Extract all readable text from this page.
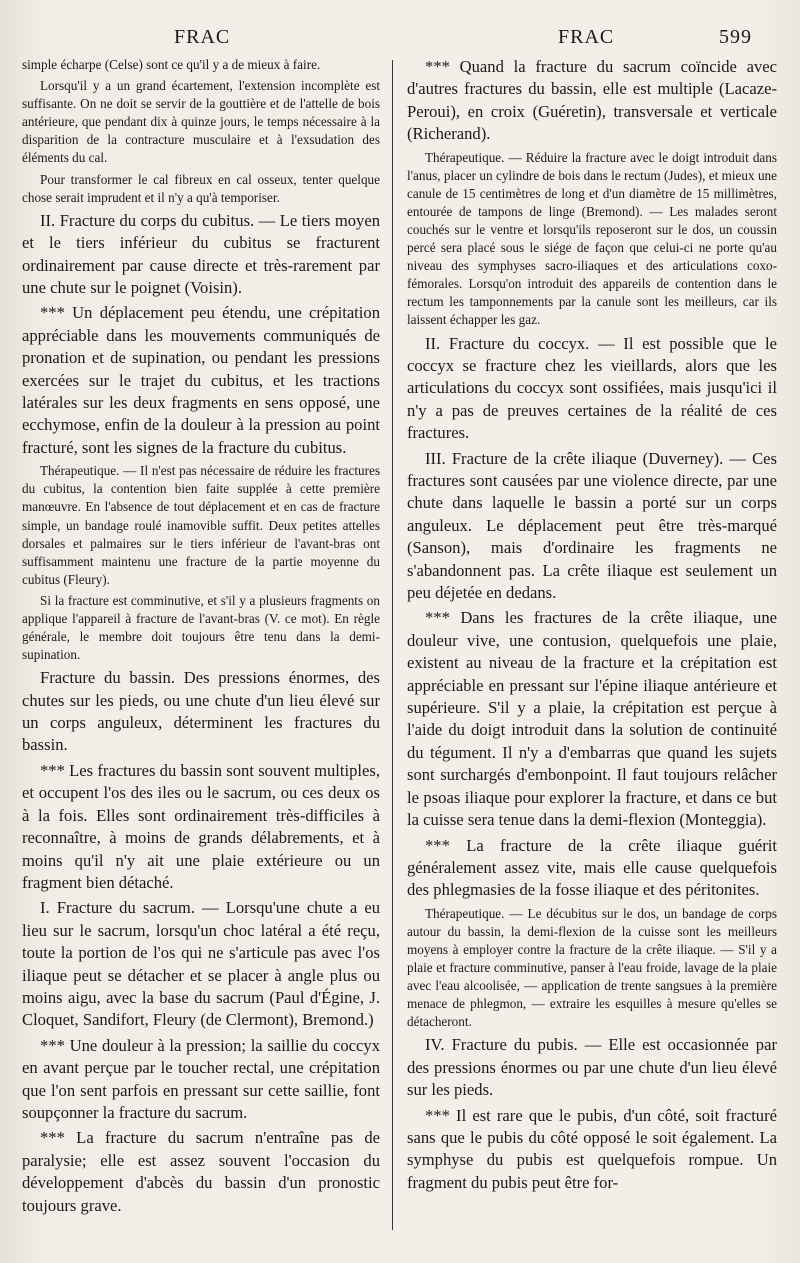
FRAC	FRAC	599

simple écharpe (Celse) sont ce qu'il y a de mieux à faire.

Lorsqu'il y a un grand écartement, l'extension incomplète est suffisante. On ne doit se servir de la gouttière et de l'attelle de bois antérieure, que pendant dix à quinze jours, le temps nécessaire à la disparition de la contracture musculaire et à l'exsudation des éléments du cal.

Pour transformer le cal fibreux en cal osseux, tenter quelque chose serait imprudent et il n'y a qu'à temporiser.

II. Fracture du corps du cubitus. — Le tiers moyen et le tiers inférieur du cubitus se fracturent ordinairement par cause directe et très-rarement par une chute sur le poignet (Voisin).

*** Un déplacement peu étendu, une crépitation appréciable dans les mouvements communiqués de pronation et de supination, ou pendant les pressions exercées sur le trajet du cubitus, et les tractions latérales sur les deux fragments en sens opposé, une ecchymose, enfin de la douleur à la pression au point fracturé, sont les signes de la fracture du cubitus.

Thérapeutique. — Il n'est pas nécessaire de réduire les fractures du cubitus, la contention bien faite supplée à cette première manœuvre. En l'absence de tout déplacement et en cas de fracture simple, un bandage roulé inamovible suffit. Deux petites attelles dorsales et palmaires sur le tiers inférieur de l'avant-bras ont suffisamment maintenu une fracture de la partie moyenne du cubitus (Fleury).

Si la fracture est comminutive, et s'il y a plusieurs fragments on applique l'appareil à fracture de l'avant-bras (V. ce mot). En règle générale, le membre doit toujours être tenu dans la demi-supination.

Fracture du bassin. Des pressions énormes, des chutes sur les pieds, ou une chute d'un lieu élevé sur un corps anguleux, déterminent les fractures du bassin.

*** Les fractures du bassin sont souvent multiples, et occupent l'os des iles ou le sacrum, ou ces deux os à la fois. Elles sont ordinairement très-difficiles à reconnaître, à moins de grands délabrements, et à moins qu'il n'y ait une plaie extérieure ou un fragment bien détaché.

I. Fracture du sacrum. — Lorsqu'une chute a eu lieu sur le sacrum, lorsqu'un choc latéral a été reçu, toute la portion de l'os qui ne s'articule pas avec l'os iliaque peut se détacher et se placer à angle plus ou moins aigu, avec la base du sacrum (Paul d'Égine, J. Cloquet, Sandifort, Fleury (de Clermont), Bremond.)

*** Une douleur à la pression; la saillie du coccyx en avant perçue par le toucher rectal, une crépitation que l'on sent parfois en pressant sur cette saillie, font soupçonner la fracture du sacrum.

*** La fracture du sacrum n'entraîne pas de paralysie; elle est assez souvent l'occasion du développement d'abcès du bassin d'un pronostic toujours grave.

*** Quand la fracture du sacrum coïncide avec d'autres fractures du bassin, elle est multiple (Lacaze-Peroui), en croix (Guéretin), transversale et verticale (Richerand).

Thérapeutique. — Réduire la fracture avec le doigt introduit dans l'anus, placer un cylindre de bois dans le rectum (Judes), et mieux une canule de 15 centimètres de long et d'un diamètre de 15 millimètres, entourée de tampons de linge (Bremond). — Les malades seront couchés sur le ventre et lorsqu'ils reposeront sur le dos, un coussin percé sera placé sous le siége de façon que celui-ci ne porte qu'au niveau des symphyses sacro-iliaques et des articulations coxo-fémorales. Lorsqu'on introduit des appareils de contention dans le rectum les tamponnements par la canule sont les meilleurs, car ils laissent échapper les gaz.

II. Fracture du coccyx. — Il est possible que le coccyx se fracture chez les vieillards, alors que les articulations du coccyx sont ossifiées, mais jusqu'ici il n'y a pas de preuves certaines de la réalité de ces fractures.

III. Fracture de la crête iliaque (Duverney). — Ces fractures sont causées par une violence directe, par une chute dans laquelle le bassin a porté sur un corps anguleux. Le déplacement peut être très-marqué (Sanson), mais d'ordinaire les fragments ne s'abandonnent pas. La crête iliaque est seulement un peu déjetée en dedans.

*** Dans les fractures de la crête iliaque, une douleur vive, une contusion, quelquefois une plaie, existent au niveau de la fracture et la crépitation est appréciable en pressant sur l'épine iliaque antérieure et supérieure. S'il y a plaie, la crépitation est perçue à l'aide du doigt introduit dans la solution de continuité du tégument. Il n'y a d'embarras que quand les sujets sont surchargés d'embonpoint. Il faut toujours relâcher le psoas iliaque pour explorer la fracture, et dans ce but la cuisse sera tenue dans la demi-flexion (Monteggia).

*** La fracture de la crête iliaque guérit généralement assez vite, mais elle cause quelquefois des phlegmasies de la fosse iliaque et des péritonites.

Thérapeutique. — Le décubitus sur le dos, un bandage de corps autour du bassin, la demi-flexion de la cuisse sont les meilleurs moyens à employer contre la fracture de la crête iliaque. — S'il y a plaie et fracture comminutive, panser à l'eau froide, lavage de la plaie avec l'eau alcoolisée, — application de trente sangsues à la première menace de phlegmon, — extraire les esquilles à mesure qu'elles se détacheront.

IV. Fracture du pubis. — Elle est occasionnée par des pressions énormes ou par une chute d'un lieu élevé sur les pieds.

*** Il est rare que le pubis, d'un côté, soit fracturé sans que le pubis du côté opposé le soit également. La symphyse du pubis est quelquefois rompue. Un fragment du pubis peut être for-
